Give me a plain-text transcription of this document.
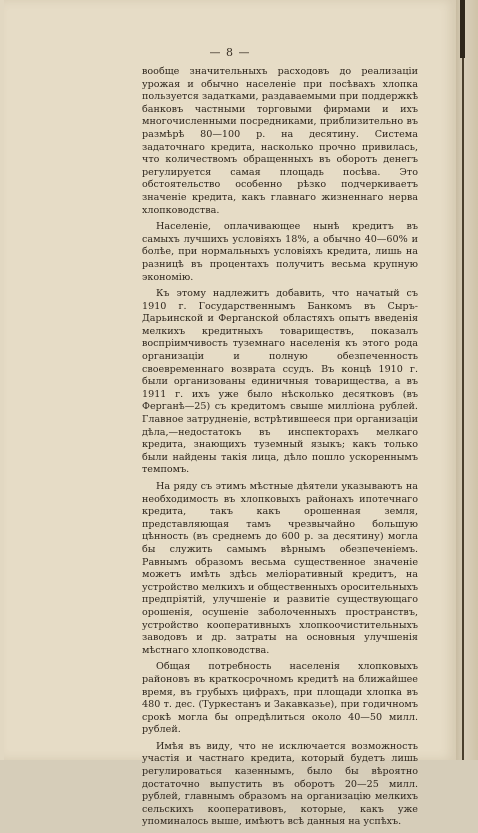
— 8 —

вообще значительныхъ расходовъ до реализацiи урожая и обычно населенiе при посѣвахъ хлопка пользуется задатками, раздаваемыми при поддержкѣ банковъ частными торговыми фирмами и ихъ многочисленными посредниками, приблизительно въ размѣрѣ 80—100 р. на десятину. Система задаточнаго кредита, насколько прочно привилась, что количествомъ обращенныхъ въ оборотъ денегъ регулируется самая площадь посѣва. Это обстоятельство особенно рѣзко подчеркиваетъ значенiе кредита, какъ главнаго жизненнаго нерва хлопководства.

Населенiе, оплачивающее нынѣ кредитъ въ самыхъ лучшихъ условiяхъ 18%, а обычно 40—60% и болѣе, при нормальныхъ условiяхъ кредита, лишь на разницѣ въ процентахъ получитъ весьма крупную экономiю.

Къ этому надлежитъ добавить, что начатый съ 1910 г. Государственнымъ Банкомъ въ Сыръ-Дарьинской и Ферганской областяхъ опытъ введенiя мелкихъ кредитныхъ товариществъ, показалъ воспрiимчивость туземнаго населенiя къ этого рода организацiи и полную обезпеченность своевременнаго возврата ссудъ. Въ концѣ 1910 г. были организованы единичныя товарищества, а въ 1911 г. ихъ уже было нѣсколько десятковъ (въ Ферганѣ—25) съ кредитомъ свыше миллiона рублей. Главное затрудненiе, встрѣтившееся при организацiи дѣла,—недостатокъ въ инспекторахъ мелкаго кредита, знающихъ туземный языкъ; какъ только были найдены такiя лица, дѣло пошло ускореннымъ темпомъ.

На ряду съ этимъ мѣстные дѣятели указываютъ на необходимость въ хлопковыхъ районахъ ипотечнаго кредита, такъ какъ орошенная земля, представляющая тамъ чрезвычайно большую цѣнность (въ среднемъ до 600 р. за десятину) могла бы служить самымъ вѣрнымъ обезпеченiемъ. Равнымъ образомъ весьма существенное значенiе можетъ имѣть здѣсь мелiоративный кредитъ, на устройство мелкихъ и общественныхъ оросительныхъ предпрiятiй, улучшенiе и развитiе существующаго орошенiя, осушенiе заболоченныхъ пространствъ, устройство кооперативныхъ хлопкоочистительныхъ заводовъ и др. затраты на основныя улучшенiя мѣстнаго хлопководства.

Общая потребность населенiя хлопковыхъ районовъ въ краткосрочномъ кредитѣ на ближайшее время, въ грубыхъ цифрахъ, при площади хлопка въ 480 т. дес. (Туркестанъ и Закавказье), при годичномъ срокѣ могла бы опредѣлиться около 40—50 милл. рублей.

Имѣя въ виду, что не исключается возможность участiя и частнаго кредита, который будетъ лишь регулироваться казеннымъ, было бы вѣроятно достаточно выпустить въ оборотъ 20—25 милл. рублей, главнымъ образомъ на организацiю мелкихъ сельскихъ кооперативовъ, которые, какъ уже упоминалось выше, имѣютъ всѣ данныя на успѣхъ.
